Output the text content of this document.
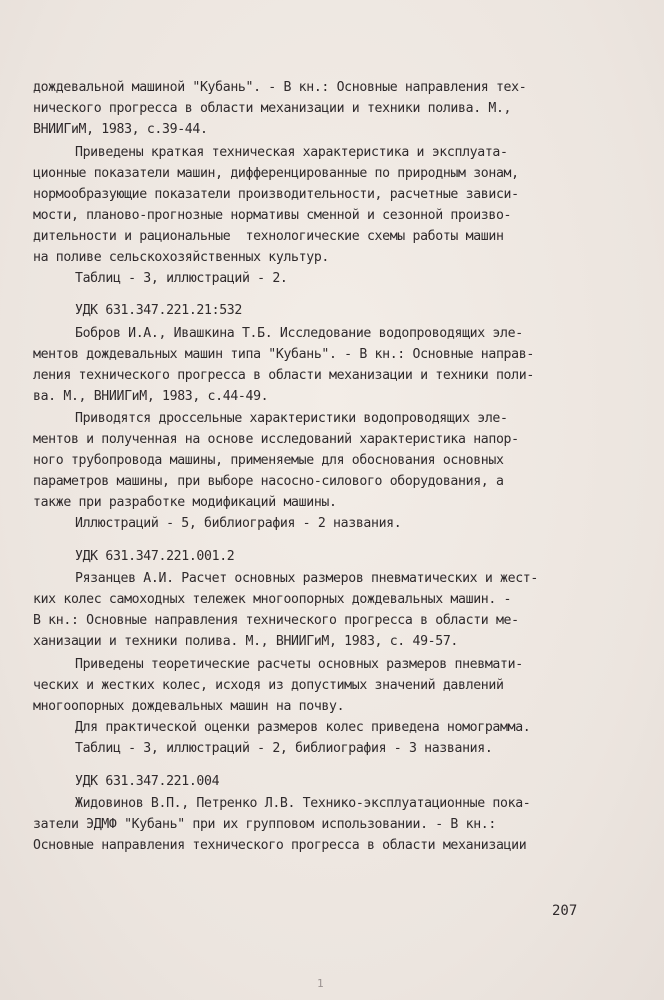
дождевальной машиной "Кубань". - В кн.: Основные направления тех-

нического прогресса в области механизации и техники полива. М.,

ВНИИГиМ, 1983, с.39-44.

Приведены краткая техническая характеристика и эксплуата-

ционные показатели машин, дифференцированные по природным зонам,

нормообразующие показатели производительности, расчетные зависи-

мости, планово-прогнозные нормативы сменной и сезонной произво-

дительности и рациональные  технологические схемы работы машин

на поливе сельскохозяйственных культур.

Таблиц - 3, иллюстраций - 2.

УДК 631.347.221.21:532

Бобров И.А., Ивашкина Т.Б. Исследование водопроводящих эле-

ментов дождевальных машин типа "Кубань". - В кн.: Основные направ-

ления технического прогресса в области механизации и техники поли-

ва. М., ВНИИГиМ, 1983, с.44-49.

Приводятся дроссельные характеристики водопроводящих эле-

ментов и полученная на основе исследований характеристика напор-

ного трубопровода машины, применяемые для обоснования основных

параметров машины, при выборе насосно-силового оборудования, а

также при разработке модификаций машины.

Иллюстраций - 5, библиография - 2 названия.

УДК 631.347.221.001.2

Рязанцев А.И. Расчет основных размеров пневматических и жест-

ких колес самоходных тележек многоопорных дождевальных машин. -

В кн.: Основные направления технического прогресса в области ме-

ханизации и техники полива. М., ВНИИГиМ, 1983, с. 49-57.

Приведены теоретические расчеты основных размеров пневмати-

ческих и жестких колес, исходя из допустимых значений давлений

многоопорных дождевальных машин на почву.

Для практической оценки размеров колес приведена номограмма.

Таблиц - 3, иллюстраций - 2, библиография - 3 названия.

УДК 631.347.221.004

Жидовинов В.П., Петренко Л.В. Технико-эксплуатационные пока-

затели ЭДМФ "Кубань" при их групповом использовании. - В кн.:

Основные направления технического прогресса в области механизации

207
1
